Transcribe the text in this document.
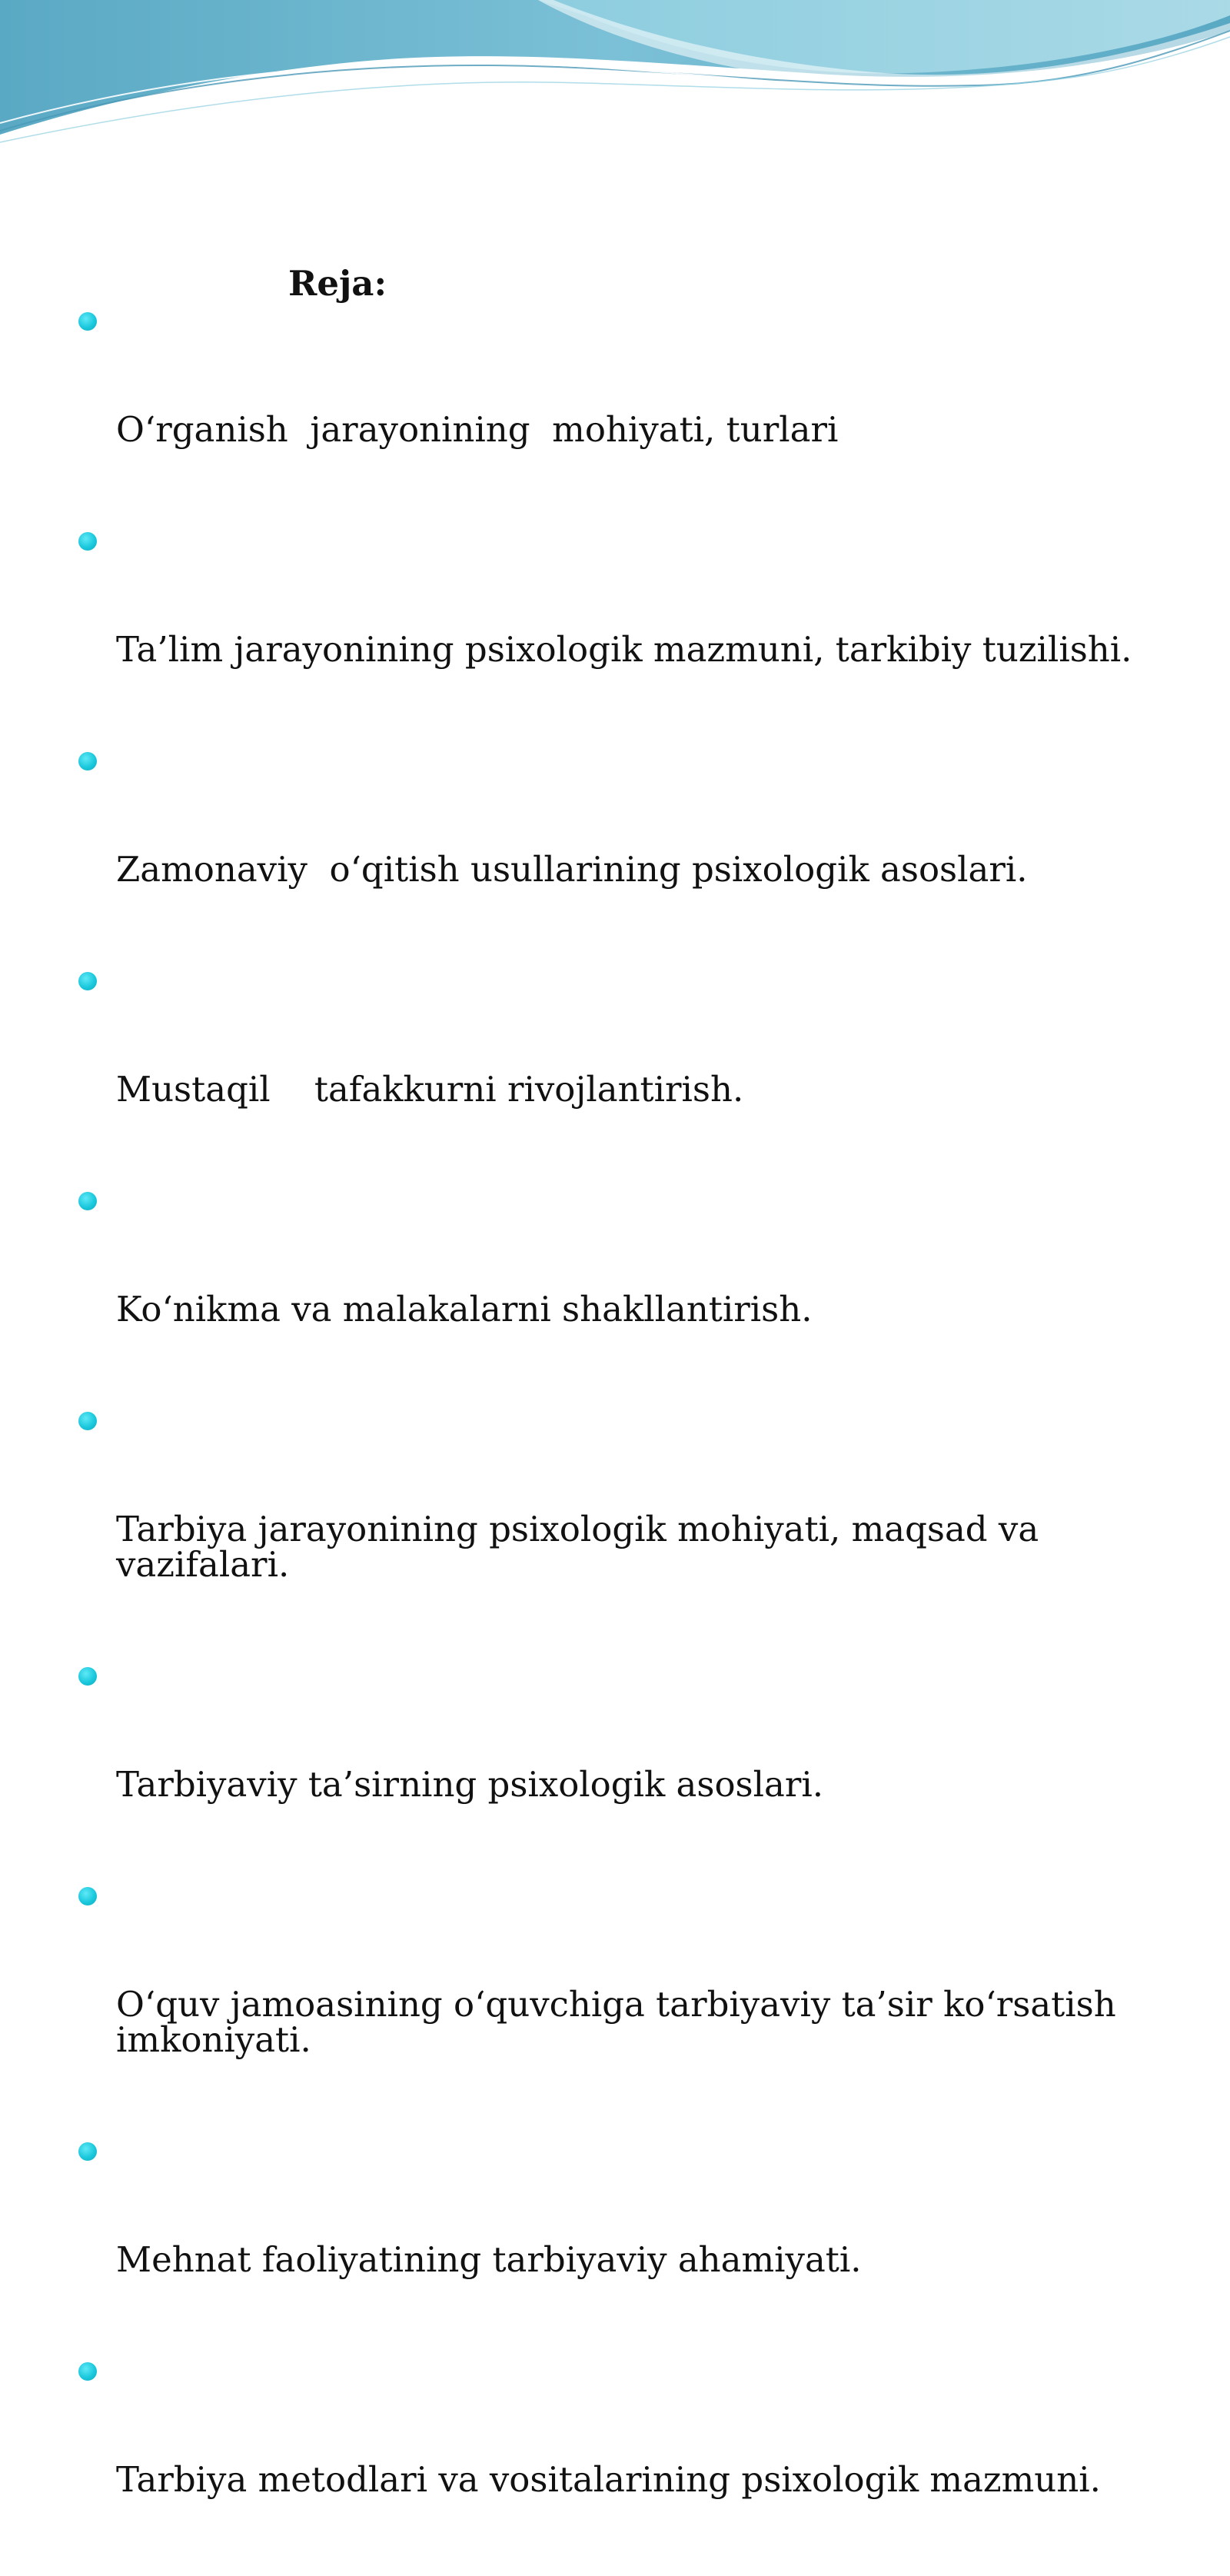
Reja:

O‘rganish  jarayonining  mohiyati, turlari

Ta’lim jarayonining psixologik mazmuni, tarkibiy tuzilishi.

Zamonaviy  o‘qitish usullarining psixologik asoslari.

Mustaqil    tafakkurni rivojlantirish.

Ko‘nikma va malakalarni shakllantirish.

Tarbiya jarayonining psixologik mohiyati, maqsad va vazifalari.

Tarbiyaviy ta’sirning psixologik asoslari.

O‘quv jamoasining o‘quvchiga tarbiyaviy ta’sir ko‘rsatish imkoniyati.

Mehnat faoliyatining tarbiyaviy ahamiyati.

Tarbiya metodlari va vositalarining psixologik mazmuni.
